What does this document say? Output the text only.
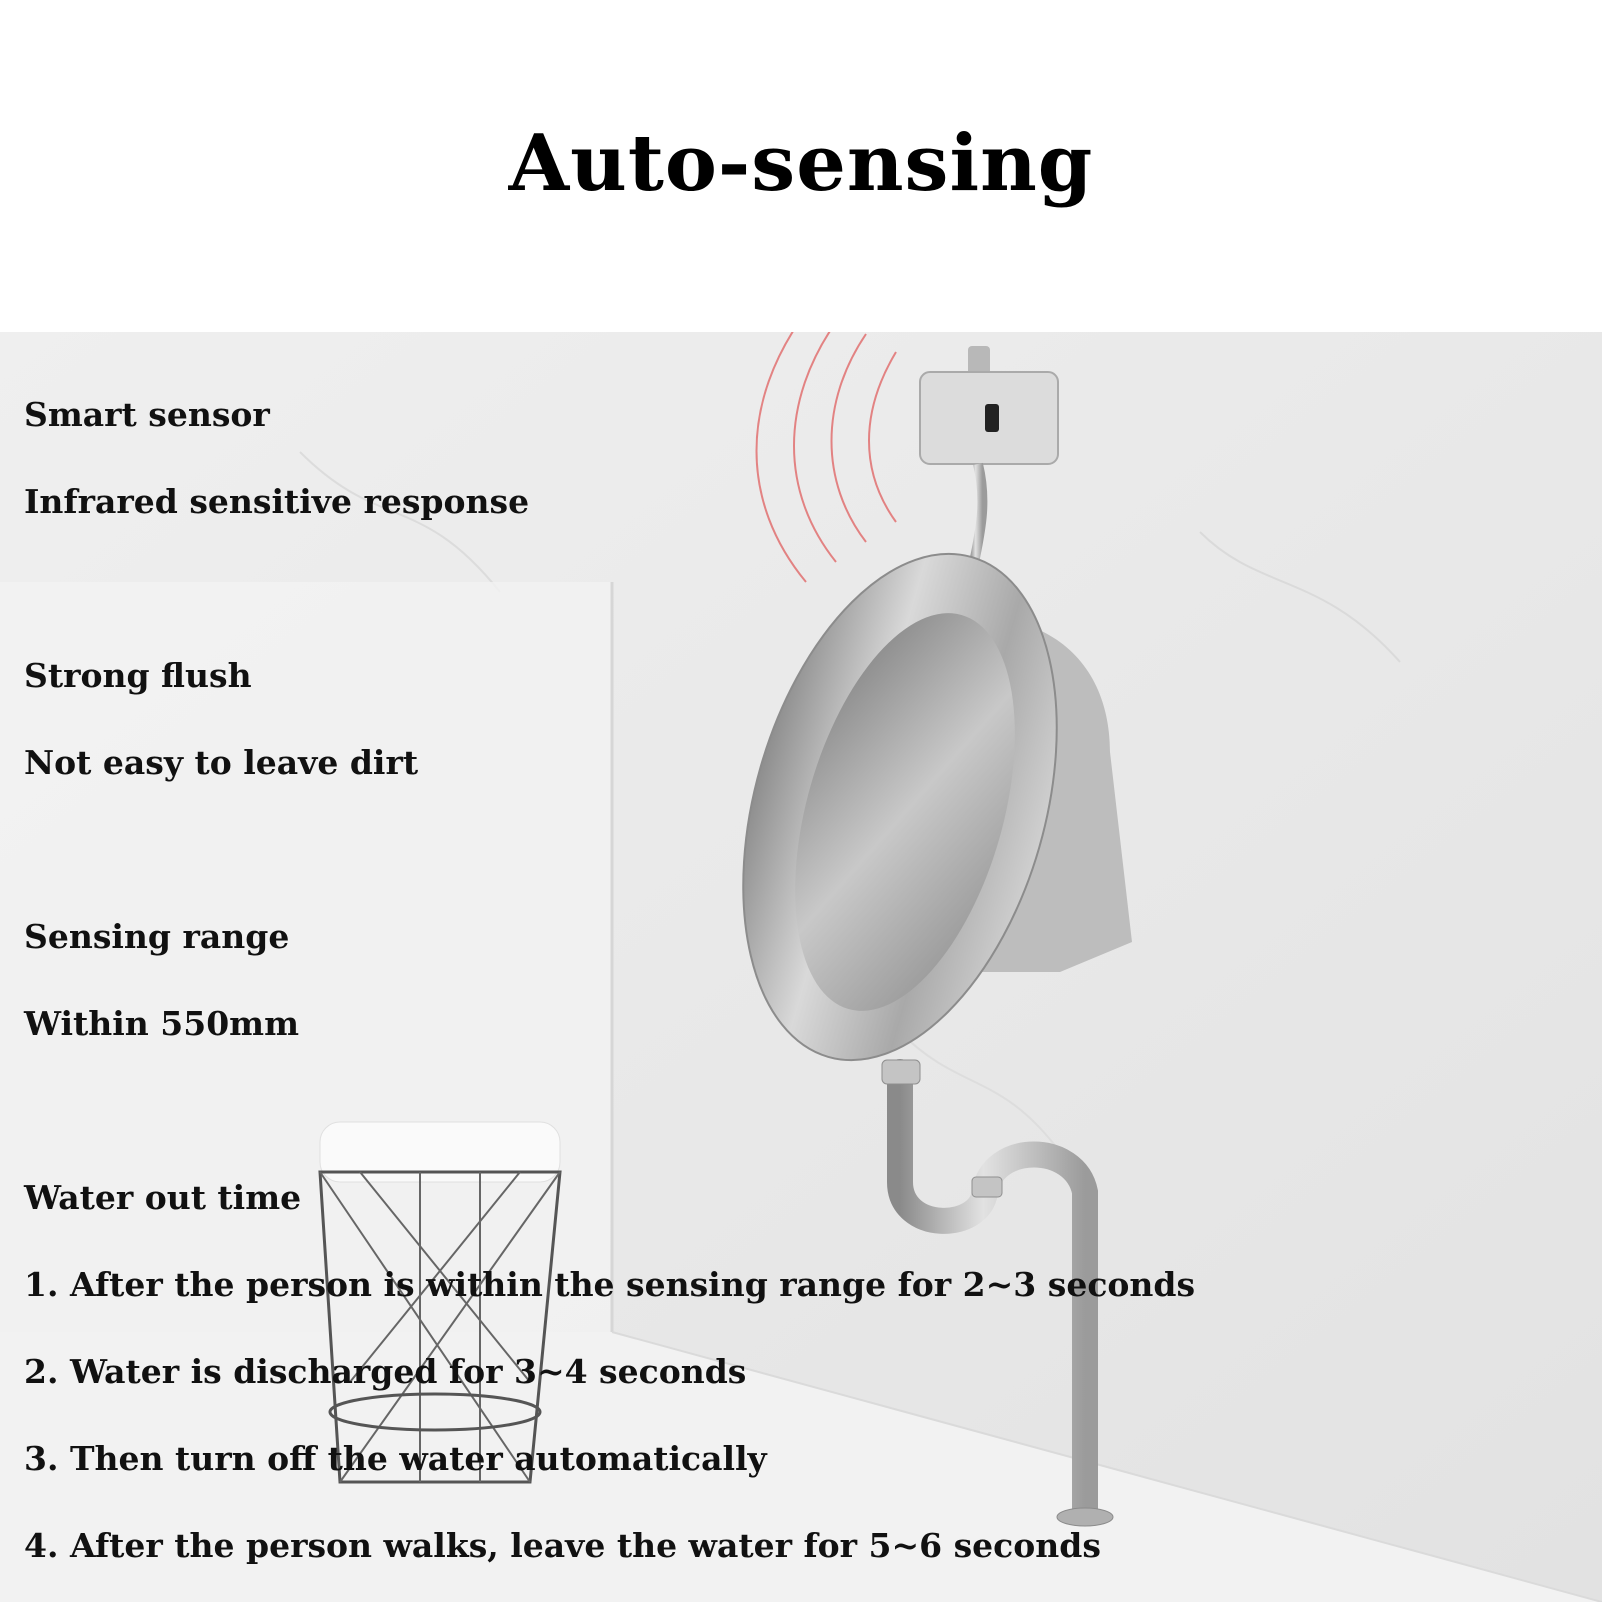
Auto-sensing

Smart sensor

Infrared sensitive response

Strong flush

Not easy to leave dirt

Sensing range

Within 550mm

Water out time

1. After the person is within the sensing range for 2~3 seconds

2. Water is discharged for 3~4 seconds

3. Then turn off the water automatically

4. After the person walks, leave the water for 5~6 seconds
